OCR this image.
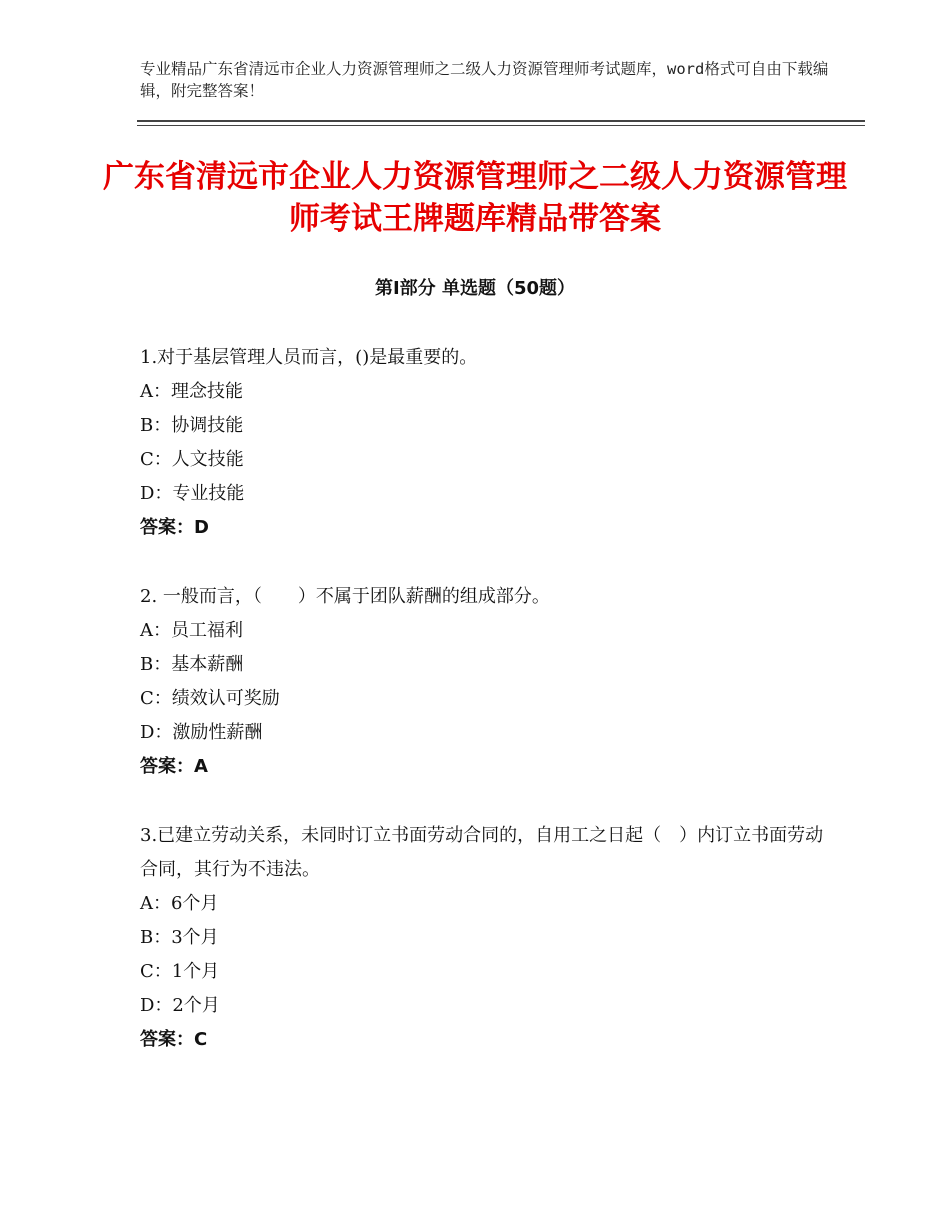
专业精品广东省清远市企业人力资源管理师之二级人力资源管理师考试题库，word格式可自由下载编辑，附完整答案！
广东省清远市企业人力资源管理师之二级人力资源管理师考试王牌题库精品带答案
第Ⅰ部分 单选题（50题）
1.对于基层管理人员而言，()是最重要的。
A：理念技能
B：协调技能
C：人文技能
D：专业技能
答案：D
2. 一般而言，（　　）不属于团队薪酬的组成部分。
A：员工福利
B：基本薪酬
C：绩效认可奖励
D：激励性薪酬
答案：A
3.已建立劳动关系，未同时订立书面劳动合同的，自用工之日起（　）内订立书面劳动合同，其行为不违法。
A：6个月
B：3个月
C：1个月
D：2个月
答案：C
